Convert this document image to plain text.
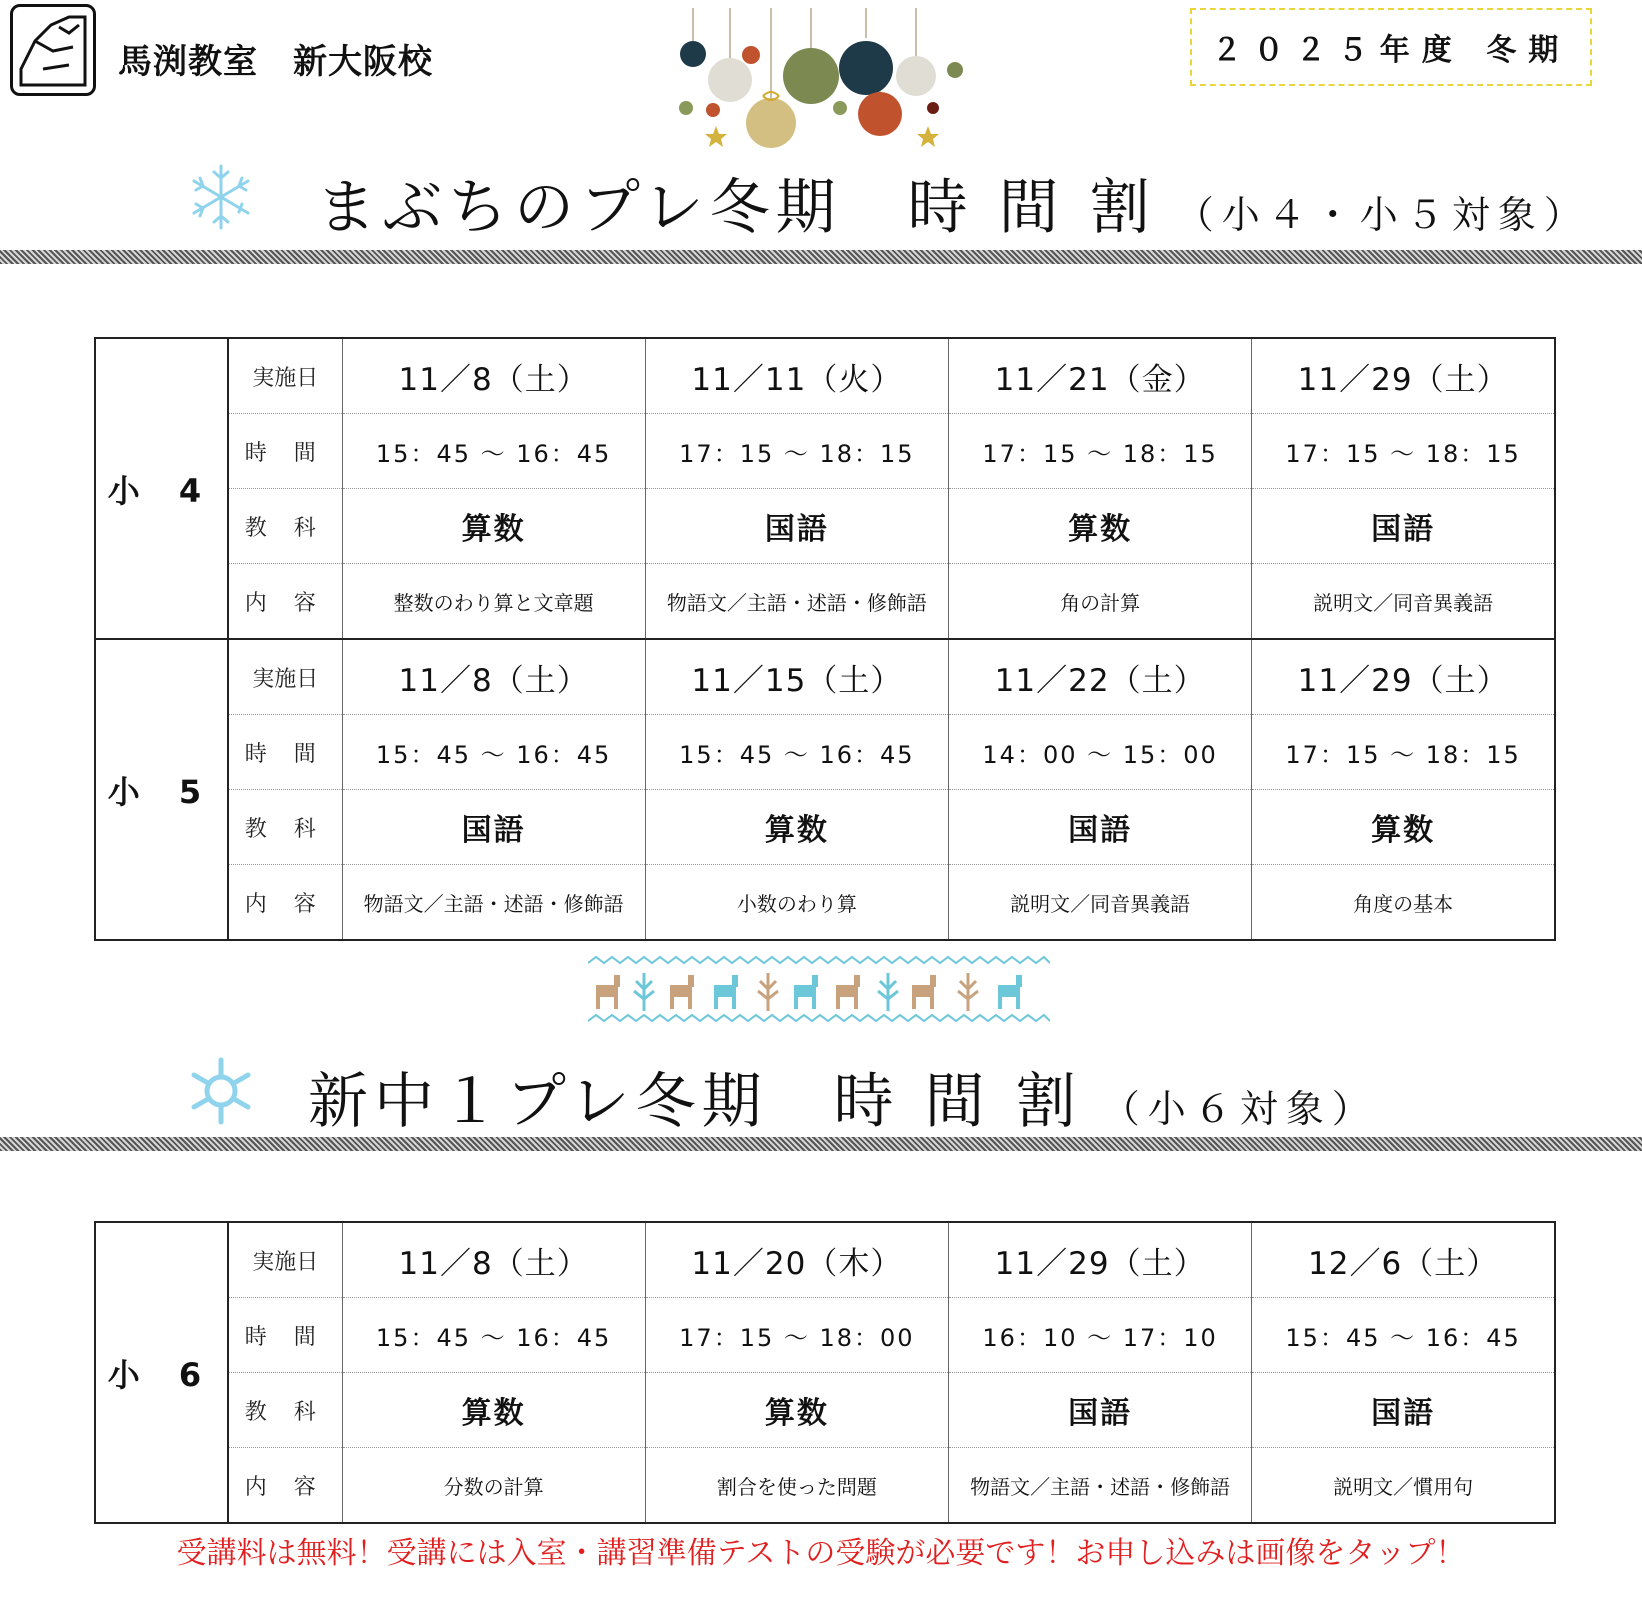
馬渕教室　新大阪校	２０２５年度 冬期
まぶちのプレ冬期　時 間 割 （小４・小５対象）
小 4	実施日	11／8（土）	11／11（火）	11／21（金）	11／29（土）
	時 間	15：45 ～ 16：45	17：15 ～ 18：15	17：15 ～ 18：15	17：15 ～ 18：15
	教 科	算数	国語	算数	国語
	内 容	整数のわり算と文章題	物語文／主語・述語・修飾語	角の計算	説明文／同音異義語
小 5	実施日	11／8（土）	11／15（土）	11／22（土）	11／29（土）
	時 間	15：45 ～ 16：45	15：45 ～ 16：45	14：00 ～ 15：00	17：15 ～ 18：15
	教 科	国語	算数	国語	算数
	内 容	物語文／主語・述語・修飾語	小数のわり算	説明文／同音異義語	角度の基本
新中１プレ冬期　時 間 割 （小６対象）
小 6	実施日	11／8（土）	11／20（木）	11／29（土）	12／6（土）
	時 間	15：45 ～ 16：45	17：15 ～ 18：00	16：10 ～ 17：10	15：45 ～ 16：45
	教 科	算数	算数	国語	国語
	内 容	分数の計算	割合を使った問題	物語文／主語・述語・修飾語	説明文／慣用句
受講料は無料！受講には入室・講習準備テストの受験が必要です！お申し込みは画像をタップ！
